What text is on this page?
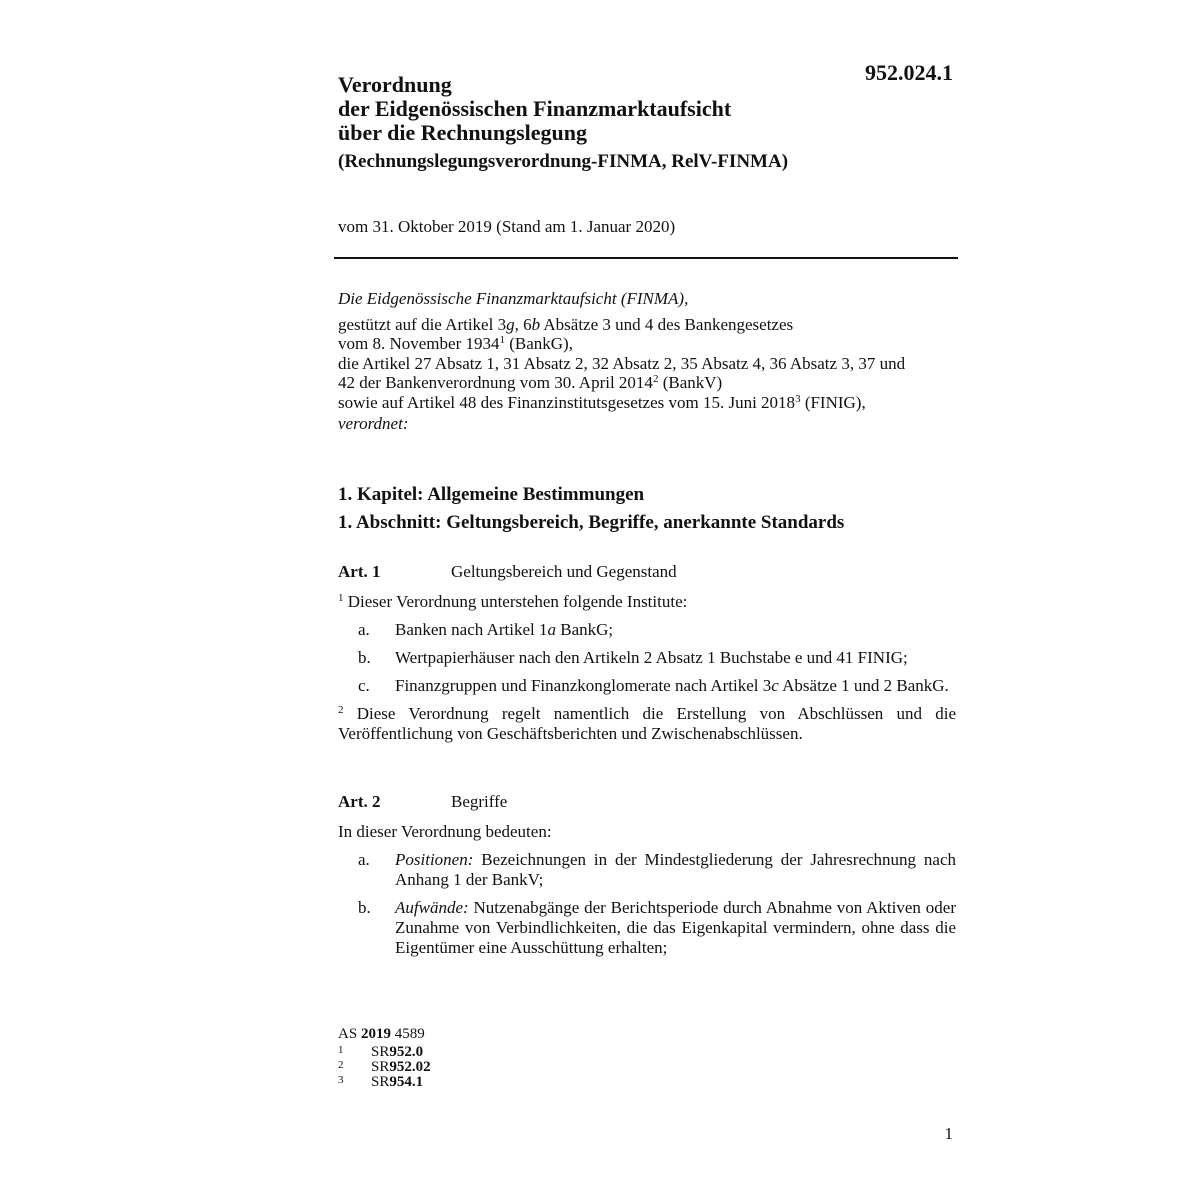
952.024.1
Verordnung
der Eidgenössischen Finanzmarktaufsicht
über die Rechnungslegung
(Rechnungslegungsverordnung-FINMA, RelV-FINMA)
vom 31. Oktober 2019 (Stand am 1. Januar 2020)
Die Eidgenössische Finanzmarktaufsicht (FINMA),
gestützt auf die Artikel 3g, 6b Absätze 3 und 4 des Bankengesetzes
vom 8. November 1934$^1$ (BankG),
die Artikel 27 Absatz 1, 31 Absatz 2, 32 Absatz 2, 35 Absatz 4, 36 Absatz 3, 37 und
42 der Bankenverordnung vom 30. April 2014$^2$ (BankV)
sowie auf Artikel 48 des Finanzinstitutsgesetzes vom 15. Juni 2018$^3$ (FINIG),
verordnet:
1. Kapitel: Allgemeine Bestimmungen
1. Abschnitt: Geltungsbereich, Begriffe, anerkannte Standards
Art. 1	Geltungsbereich und Gegenstand
$^1$ Dieser Verordnung unterstehen folgende Institute:
a.	Banken nach Artikel 1a BankG;
b.	Wertpapierhäuser nach den Artikeln 2 Absatz 1 Buchstabe e und 41 FINIG;
c.	Finanzgruppen und Finanzkonglomerate nach Artikel 3c Absätze 1 und 2 BankG.
$^2$ Diese Verordnung regelt namentlich die Erstellung von Abschlüssen und die Veröffentlichung von Geschäftsberichten und Zwischenabschlüssen.
Art. 2	Begriffe
In dieser Verordnung bedeuten:
a.	Positionen: Bezeichnungen in der Mindestgliederung der Jahresrechnung nach Anhang 1 der BankV;
b.	Aufwände: Nutzenabgänge der Berichtsperiode durch Abnahme von Aktiven oder Zunahme von Verbindlichkeiten, die das Eigenkapital vermindern, ohne dass die Eigentümer eine Ausschüttung erhalten;
AS 2019 4589
1	SR 952.0
2	SR 952.02
3	SR 954.1
1
